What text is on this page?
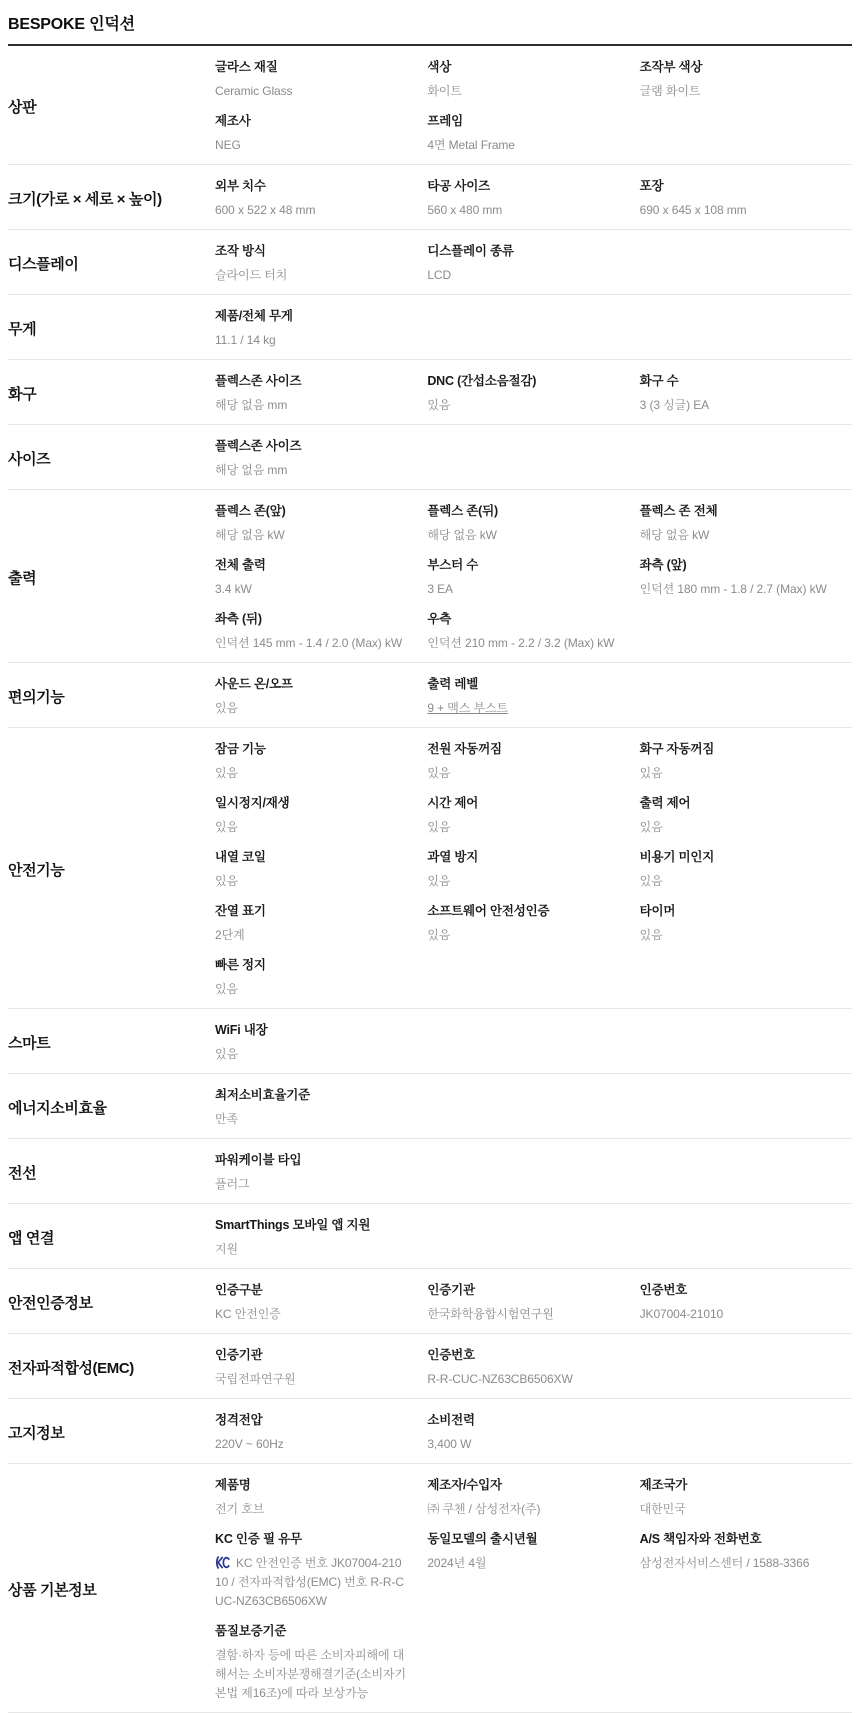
BESPOKE 인덕션
상판
글라스 재질
Ceramic Glass
색상
화이트
조작부 색상
글램 화이트
제조사
NEG
프레임
4면 Metal Frame
크기(가로 × 세로 × 높이)
외부 치수
600 x 522 x 48 mm
타공 사이즈
560 x 480 mm
포장
690 x 645 x 108 mm
디스플레이
조작 방식
슬라이드 터치
디스플레이 종류
LCD
무게
제품/전체 무게
11.1 / 14 kg
화구
플렉스존 사이즈
해당 없음 mm
DNC (간섭소음절감)
있음
화구 수
3 (3 싱글) EA
사이즈
플렉스존 사이즈
해당 없음 mm
출력
플렉스 존(앞)
해당 없음 kW
플렉스 존(뒤)
해당 없음 kW
플렉스 존 전체
해당 없음 kW
전체 출력
3.4 kW
부스터 수
3 EA
좌측 (앞)
인덕션 180 mm - 1.8 / 2.7 (Max) kW
좌측 (뒤)
인덕션 145 mm - 1.4 / 2.0 (Max) kW
우측
인덕션 210 mm - 2.2 / 3.2 (Max) kW
편의기능
사운드 온/오프
있음
출력 레벨
9 + 맥스 부스트
안전기능
잠금 기능
있음
전원 자동꺼짐
있음
화구 자동꺼짐
있음
일시정지/재생
있음
시간 제어
있음
출력 제어
있음
내열 코일
있음
과열 방지
있음
비용기 미인지
있음
잔열 표기
2단계
소프트웨어 안전성인증
있음
타이머
있음
빠른 정지
있음
스마트
WiFi 내장
있음
에너지소비효율
최저소비효율기준
만족
전선
파워케이블 타입
플러그
앱 연결
SmartThings 모바일 앱 지원
지원
안전인증정보
인증구분
KC 안전인증
인증기관
한국화학융합시험연구원
인증번호
JK07004-21010
전자파적합성(EMC)
인증기관
국립전파연구원
인증번호
R-R-CUC-NZ63CB6506XW
고지정보
정격전압
220V ~ 60Hz
소비전력
3,400 W
상품 기본정보
제품명
전기 호브
제조자/수입자
㈜ 쿠첸 / 삼성전자(주)
제조국가
대한민국
KC 인증 필 유무
KC 안전인증 번호 JK07004-21010 / 전자파적합성(EMC) 번호 R-R-CUC-NZ63CB6506XW
동일모델의 출시년월
2024년 4월
A/S 책임자와 전화번호
삼성전자서비스센터 / 1588-3366
품질보증기준
결함·하자 등에 따른 소비자피해에 대해서는 소비자분쟁해결기준(소비자기본법 제16조)에 따라 보상가능
